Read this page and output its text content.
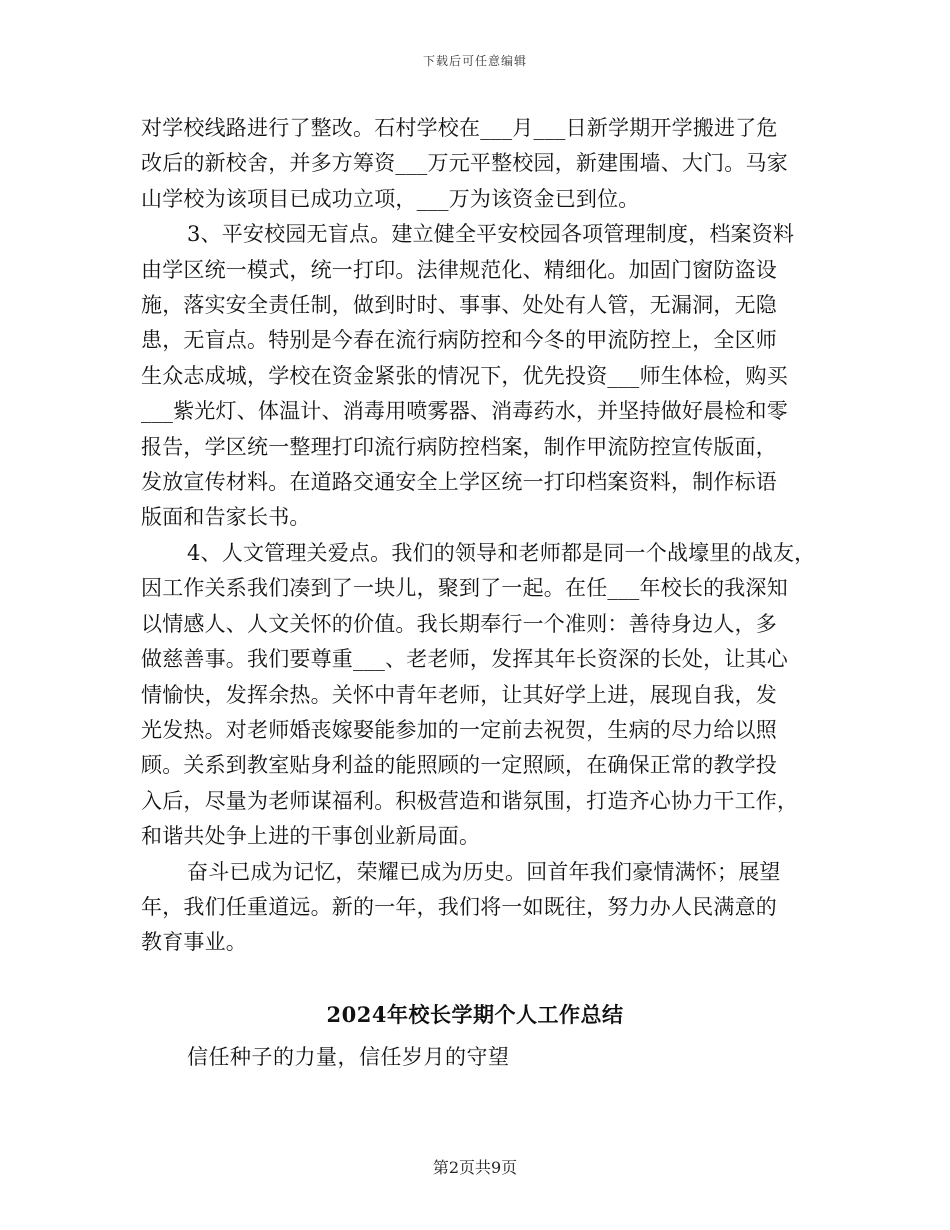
下载后可任意编辑

对学校线路进行了整改。石村学校在___月___日新学期开学搬进了危

改后的新校舍，并多方筹资___万元平整校园，新建围墙、大门。马家

山学校为该项目已成功立项，___万为该资金已到位。

3、平安校园无盲点。建立健全平安校园各项管理制度，档案资料

由学区统一模式，统一打印。法律规范化、精细化。加固门窗防盗设

施，落实安全责任制，做到时时、事事、处处有人管，无漏洞，无隐

患，无盲点。特别是今春在流行病防控和今冬的甲流防控上，全区师

生众志成城，学校在资金紧张的情况下，优先投资___师生体检，购买

___紫光灯、体温计、消毒用喷雾器、消毒药水，并坚持做好晨检和零

报告，学区统一整理打印流行病防控档案，制作甲流防控宣传版面，

发放宣传材料。在道路交通安全上学区统一打印档案资料，制作标语

版面和告家长书。

4、人文管理关爱点。我们的领导和老师都是同一个战壕里的战友，

因工作关系我们凑到了一块儿，聚到了一起。在任___年校长的我深知

以情感人、人文关怀的价值。我长期奉行一个准则：善待身边人，多

做慈善事。我们要尊重___、老老师，发挥其年长资深的长处，让其心

情愉快，发挥余热。关怀中青年老师，让其好学上进，展现自我，发

光发热。对老师婚丧嫁娶能参加的一定前去祝贺，生病的尽力给以照

顾。关系到教室贴身利益的能照顾的一定照顾，在确保正常的教学投

入后，尽量为老师谋福利。积极营造和谐氛围，打造齐心协力干工作，

和谐共处争上进的干事创业新局面。

奋斗已成为记忆，荣耀已成为历史。回首年我们豪情满怀；展望

年，我们任重道远。新的一年，我们将一如既往，努力办人民满意的

教育事业。

2024年校长学期个人工作总结
信任种子的力量，信任岁月的守望
第2页共9页
